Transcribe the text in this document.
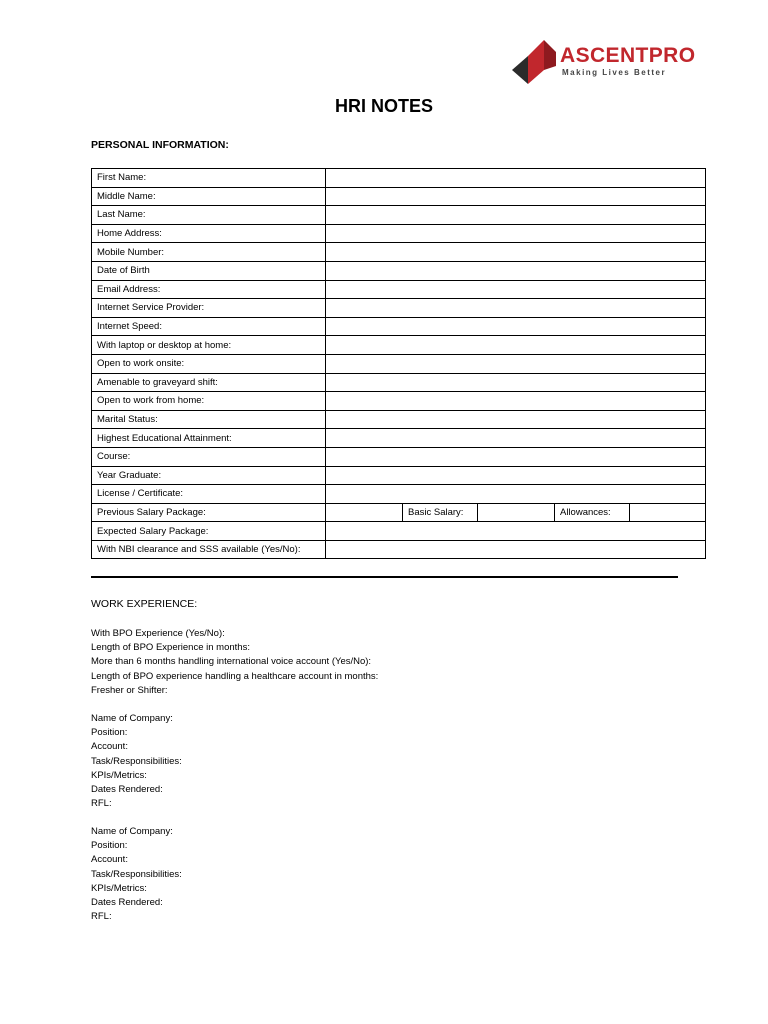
ASCENTPRO
Making Lives Better
HRI NOTES
PERSONAL INFORMATION:
First Name:					
Middle Name:					
Last Name:					
Home Address:					
Mobile Number:					
Date of Birth					
Email Address:					
Internet Service Provider:					
Internet Speed:					
With laptop or desktop at home:					
Open to work onsite:					
Amenable to graveyard shift:					
Open to work from home:					
Marital Status:					
Highest Educational Attainment:					
Course:					
Year Graduate:					
License / Certificate:					
Previous Salary Package:		Basic Salary:		Allowances:	
Expected Salary Package:					
With NBI clearance and SSS available (Yes/No):					
WORK EXPERIENCE:
With BPO Experience (Yes/No):
Length of BPO Experience in months:
More than 6 months handling international voice account (Yes/No):
Length of BPO experience handling a healthcare account in months:
Fresher or Shifter:
Name of Company:
Position:
Account:
Task/Responsibilities:
KPIs/Metrics:
Dates Rendered:
RFL:
Name of Company:
Position:
Account:
Task/Responsibilities:
KPIs/Metrics:
Dates Rendered:
RFL:
